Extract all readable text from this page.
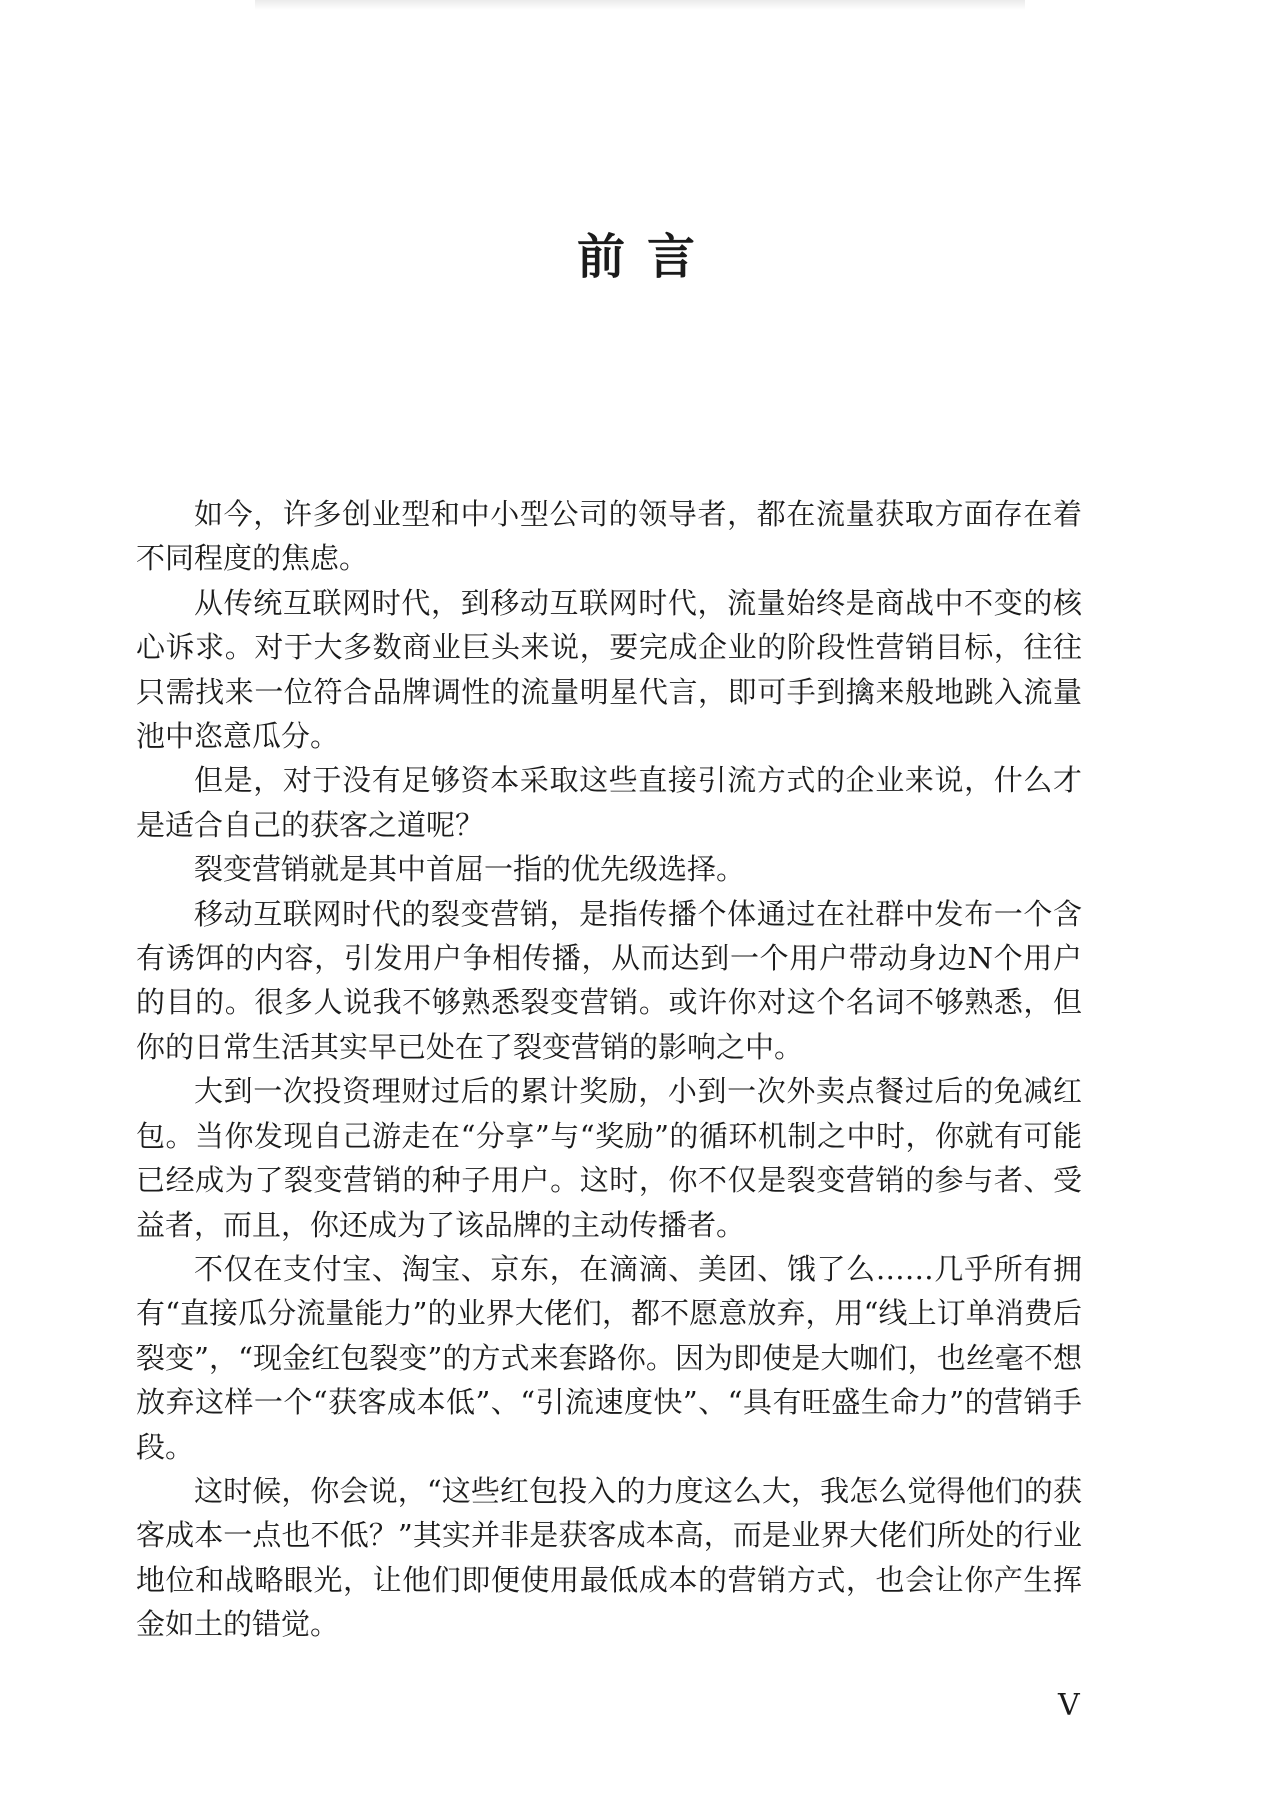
前言

如今，许多创业型和中小型公司的领导者，都在流量获取方面存在着不同程度的焦虑。

从传统互联网时代，到移动互联网时代，流量始终是商战中不变的核心诉求。对于大多数商业巨头来说，要完成企业的阶段性营销目标，往往只需找来一位符合品牌调性的流量明星代言，即可手到擒来般地跳入流量池中恣意瓜分。

但是，对于没有足够资本采取这些直接引流方式的企业来说，什么才是适合自己的获客之道呢？

裂变营销就是其中首屈一指的优先级选择。

移动互联网时代的裂变营销，是指传播个体通过在社群中发布一个含有诱饵的内容，引发用户争相传播，从而达到一个用户带动身边N个用户的目的。很多人说我不够熟悉裂变营销。或许你对这个名词不够熟悉，但你的日常生活其实早已处在了裂变营销的影响之中。

大到一次投资理财过后的累计奖励，小到一次外卖点餐过后的免减红包。当你发现自己游走在“分享”与“奖励”的循环机制之中时，你就有可能已经成为了裂变营销的种子用户。这时，你不仅是裂变营销的参与者、受益者，而且，你还成为了该品牌的主动传播者。

不仅在支付宝、淘宝、京东，在滴滴、美团、饿了么……几乎所有拥有“直接瓜分流量能力”的业界大佬们，都不愿意放弃，用“线上订单消费后裂变”，“现金红包裂变”的方式来套路你。因为即使是大咖们，也丝毫不想放弃这样一个“获客成本低”、“引流速度快”、“具有旺盛生命力”的营销手段。

这时候，你会说，“这些红包投入的力度这么大，我怎么觉得他们的获客成本一点也不低？”其实并非是获客成本高，而是业界大佬们所处的行业地位和战略眼光，让他们即便使用最低成本的营销方式，也会让你产生挥金如土的错觉。

V
